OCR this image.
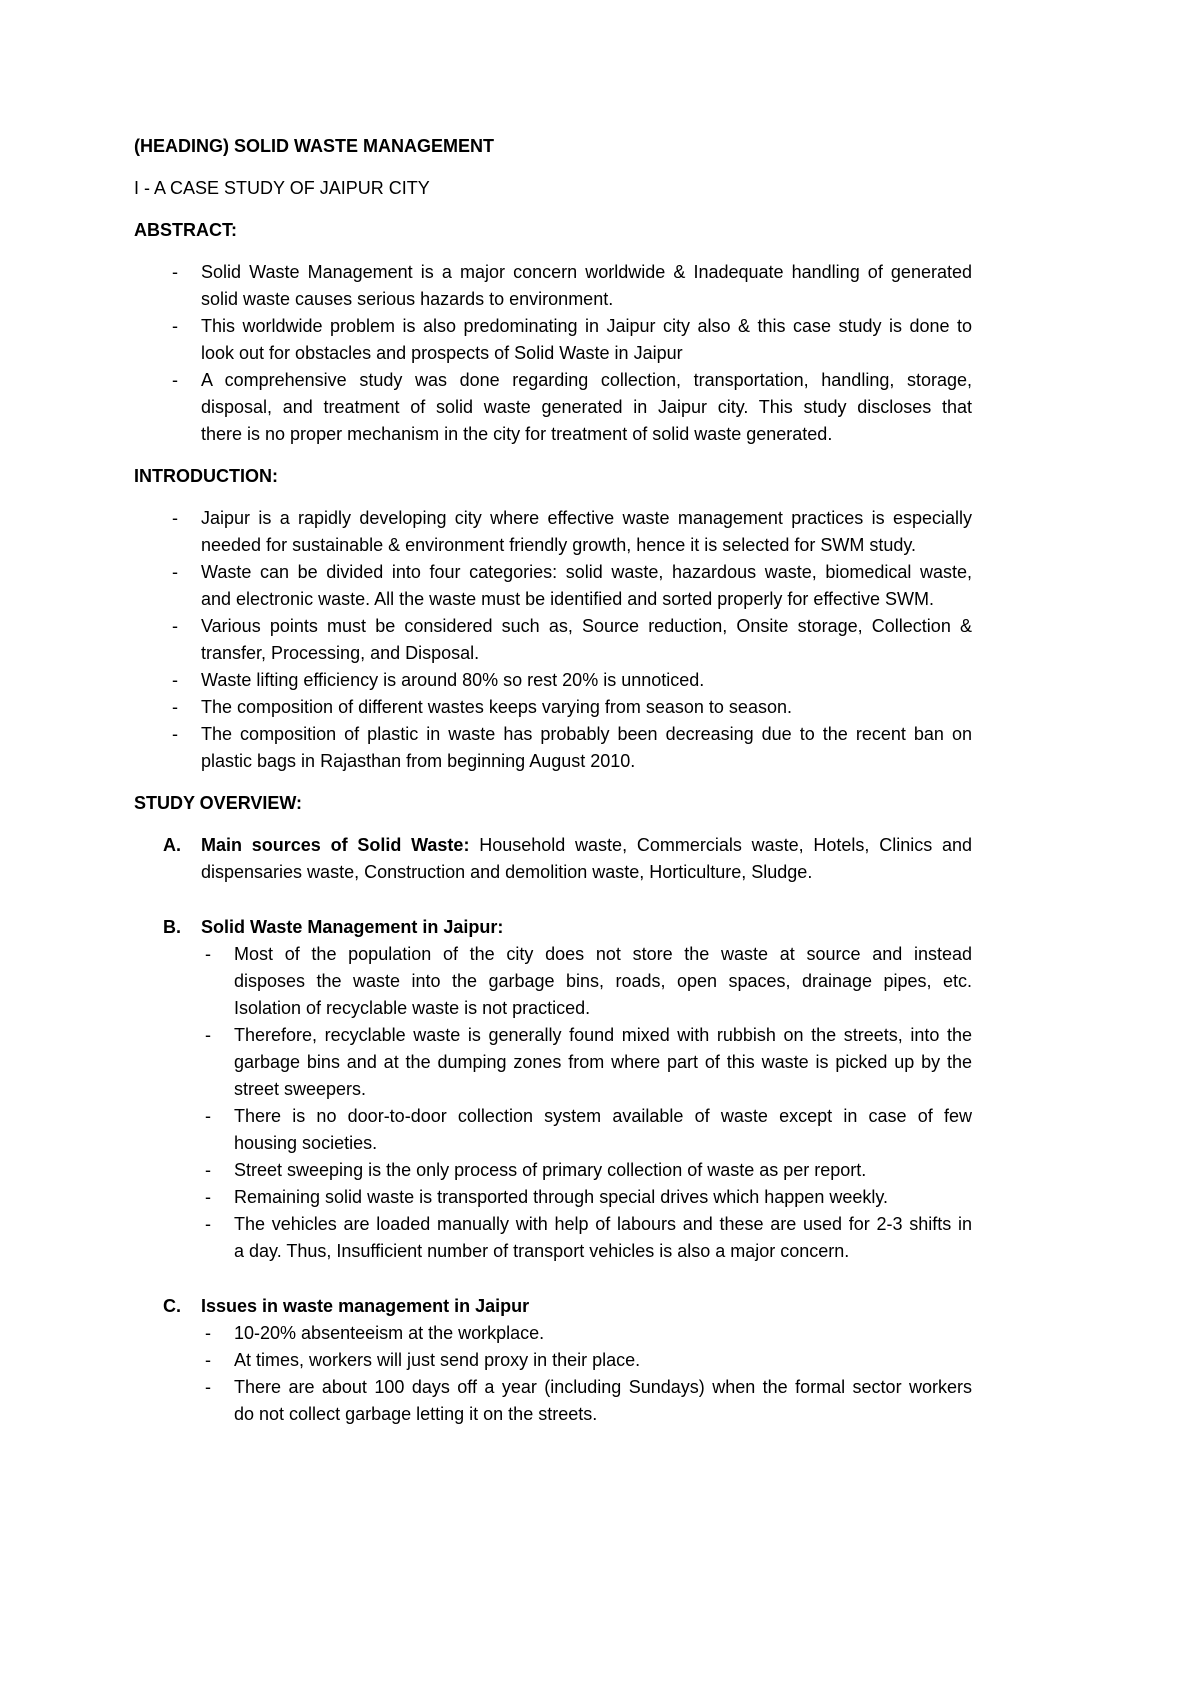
(HEADING) SOLID WASTE MANAGEMENT
I - A CASE STUDY OF JAIPUR CITY
ABSTRACT:
- Solid Waste Management is a major concern worldwide & Inadequate handling of generated
solid waste causes serious hazards to environment.
- This worldwide problem is also predominating in Jaipur city also & this case study is done to
look out for obstacles and prospects of Solid Waste in Jaipur
- A comprehensive study was done regarding collection, transportation, handling, storage,
disposal, and treatment of solid waste generated in Jaipur city. This study discloses that
there is no proper mechanism in the city for treatment of solid waste generated.
INTRODUCTION:
- Jaipur is a rapidly developing city where effective waste management practices is especially
needed for sustainable & environment friendly growth, hence it is selected for SWM study.
- Waste can be divided into four categories: solid waste, hazardous waste, biomedical waste,
and electronic waste. All the waste must be identified and sorted properly for effective SWM.
- Various points must be considered such as, Source reduction, Onsite storage, Collection &
transfer, Processing, and Disposal.
- Waste lifting efficiency is around 80% so rest 20% is unnoticed.
- The composition of different wastes keeps varying from season to season.
- The composition of plastic in waste has probably been decreasing due to the recent ban on
plastic bags in Rajasthan from beginning August 2010.
STUDY OVERVIEW:
A. Main sources of Solid Waste: Household waste, Commercials waste, Hotels, Clinics and
dispensaries waste, Construction and demolition waste, Horticulture, Sludge.
B. Solid Waste Management in Jaipur:
- Most of the population of the city does not store the waste at source and instead
disposes the waste into the garbage bins, roads, open spaces, drainage pipes, etc.
Isolation of recyclable waste is not practiced.
- Therefore, recyclable waste is generally found mixed with rubbish on the streets, into the
garbage bins and at the dumping zones from where part of this waste is picked up by the
street sweepers.
- There is no door-to-door collection system available of waste except in case of few
housing societies.
- Street sweeping is the only process of primary collection of waste as per report.
- Remaining solid waste is transported through special drives which happen weekly.
- The vehicles are loaded manually with help of labours and these are used for 2-3 shifts in
a day. Thus, Insufficient number of transport vehicles is also a major concern.
C. Issues in waste management in Jaipur
- 10-20% absenteeism at the workplace.
- At times, workers will just send proxy in their place.
- There are about 100 days off a year (including Sundays) when the formal sector workers
do not collect garbage letting it on the streets.
